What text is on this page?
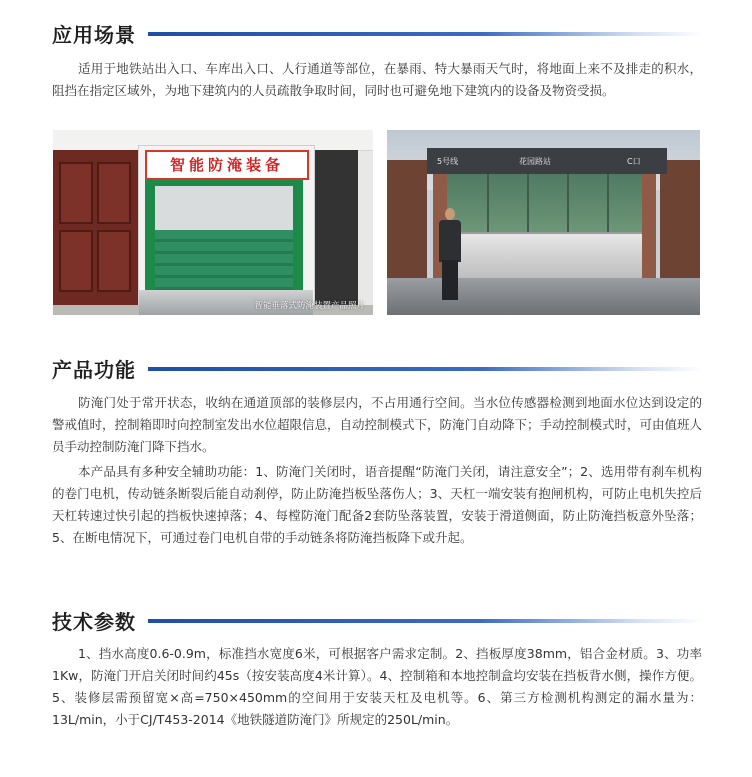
应用场景

适用于地铁站出入口、车库出入口、人行通道等部位，在暴雨、特大暴雨天气时，将地面上来不及排走的积水，阻挡在指定区域外，为地下建筑内的人员疏散争取时间，同时也可避免地下建筑内的设备及物资受损。

智能防淹装备
智能垂落式防淹装置产品照片
5号线	花园路站	C口
产品功能

防淹门处于常开状态，收纳在通道顶部的装修层内，不占用通行空间。当水位传感器检测到地面水位达到设定的警戒值时，控制箱即时向控制室发出水位超限信息，自动控制模式下，防淹门自动降下；手动控制模式时，可由值班人员手动控制防淹门降下挡水。

本产品具有多种安全辅助功能：1、防淹门关闭时，语音提醒“防淹门关闭，请注意安全”；2、选用带有刹车机构的卷门电机，传动链条断裂后能自动刹停，防止防淹挡板坠落伤人；3、天杠一端安装有抱闸机构，可防止电机失控后天杠转速过快引起的挡板快速掉落；4、每樘防淹门配备2套防坠落装置，安装于滑道侧面，防止防淹挡板意外坠落；5、在断电情况下，可通过卷门电机自带的手动链条将防淹挡板降下或升起。

技术参数

1、挡水高度0.6-0.9m，标准挡水宽度6米，可根据客户需求定制。2、挡板厚度38mm，铝合金材质。3、功率1Kw，防淹门开启关闭时间约45s（按安装高度4米计算）。4、控制箱和本地控制盒均安装在挡板背水侧，操作方便。5、装修层需预留宽×高=750×450mm的空间用于安装天杠及电机等。6、第三方检测机构测定的漏水量为：13L/min，小于CJ/T453-2014《地铁隧道防淹门》所规定的250L/min。
